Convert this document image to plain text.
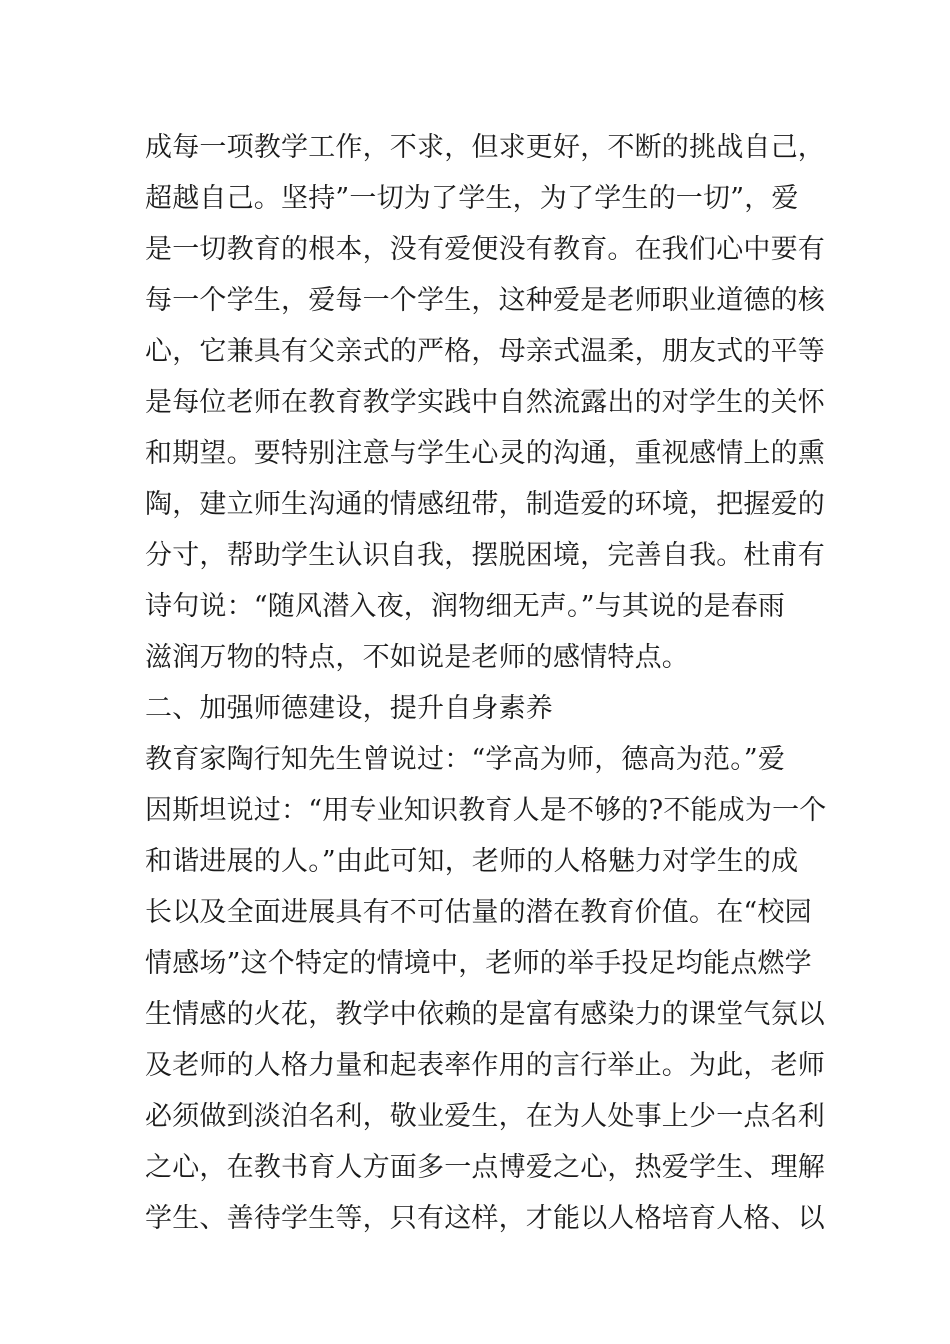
成每一项教学工作，不求，但求更好，不断的挑战自己，
超越自己。坚持”一切为了学生，为了学生的一切”，爱
是一切教育的根本，没有爱便没有教育。在我们心中要有
每一个学生，爱每一个学生，这种爱是老师职业道德的核
心，它兼具有父亲式的严格，母亲式温柔，朋友式的平等
是每位老师在教育教学实践中自然流露出的对学生的关怀
和期望。要特别注意与学生心灵的沟通，重视感情上的熏
陶，建立师生沟通的情感纽带，制造爱的环境，把握爱的
分寸，帮助学生认识自我，摆脱困境，完善自我。杜甫有
诗句说：“随风潜入夜，润物细无声。”与其说的是春雨
滋润万物的特点，不如说是老师的感情特点。
二、加强师德建设，提升自身素养
教育家陶行知先生曾说过：“学高为师，德高为范。”爱
因斯坦说过：“用专业知识教育人是不够的?不能成为一个
和谐进展的人。”由此可知，老师的人格魅力对学生的成
长以及全面进展具有不可估量的潜在教育价值。在“校园
情感场”这个特定的情境中，老师的举手投足均能点燃学
生情感的火花，教学中依赖的是富有感染力的课堂气氛以
及老师的人格力量和起表率作用的言行举止。为此，老师
必须做到淡泊名利，敬业爱生，在为人处事上少一点名利
之心，在教书育人方面多一点博爱之心，热爱学生、理解
学生、善待学生等，只有这样，才能以人格培育人格、以
